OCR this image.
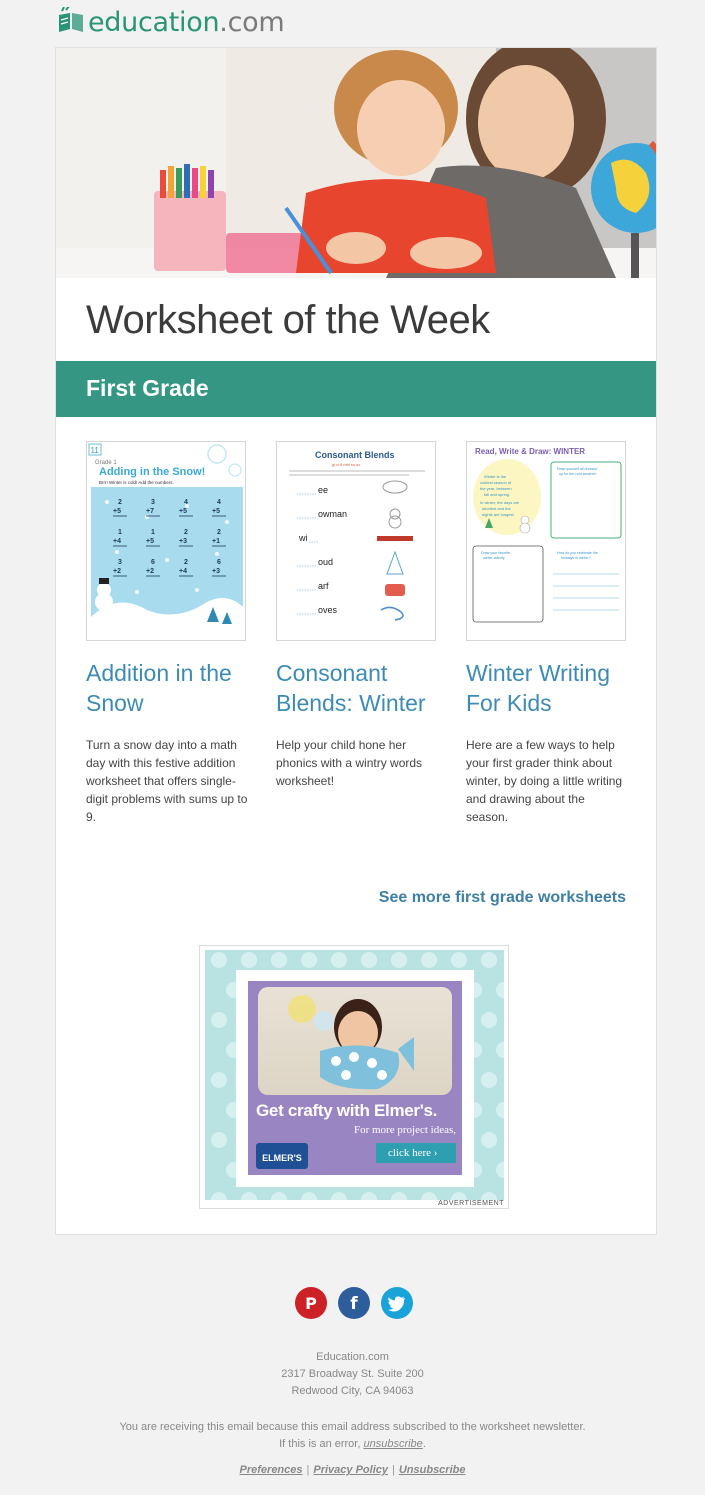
education.com
Worksheet of the Week
First Grade
11
Grade 1
Adding in the Snow!
Brrr! Winter is cold! Add the numbers.
2
+5
3
+7
4
+5
4
+5
1
+4
1
+5
2
+3
2
+1
3
+2
6
+2
2
+4
6
+3
Consonant Blends
gl cl fl mitt sn sc
ee
owman
wi
oud
arf
oves
Read, Write & Draw: WINTER
Winter is the
coldest season of
the year, between
fall and spring.
In winter, the days are
shortest and the
nights are longest.
Draw yourself all dressed
up for the cold weather!
Draw your favorite
winter activity.
How do you celebrate the
holidays in winter?
Addition in the Snow
Consonant Blends: Winter
Winter Writing For Kids
Turn a snow day into a math day with this festive addition worksheet that offers single-digit problems with sums up to 9.
Help your child hone her phonics with a wintry words worksheet!
Here are a few ways to help your first grader think about winter, by doing a little writing and drawing about the season.
See more first grade worksheets
Get crafty with Elmer's.
For more project ideas,
ELMER'S	click here ›
ADVERTISEMENT
P f
Education.com
2317 Broadway St. Suite 200
Redwood City, CA 94063
You are receiving this email because this email address subscribed to the worksheet newsletter.
If this is an error, unsubscribe.
Preferences | Privacy Policy | Unsubscribe
